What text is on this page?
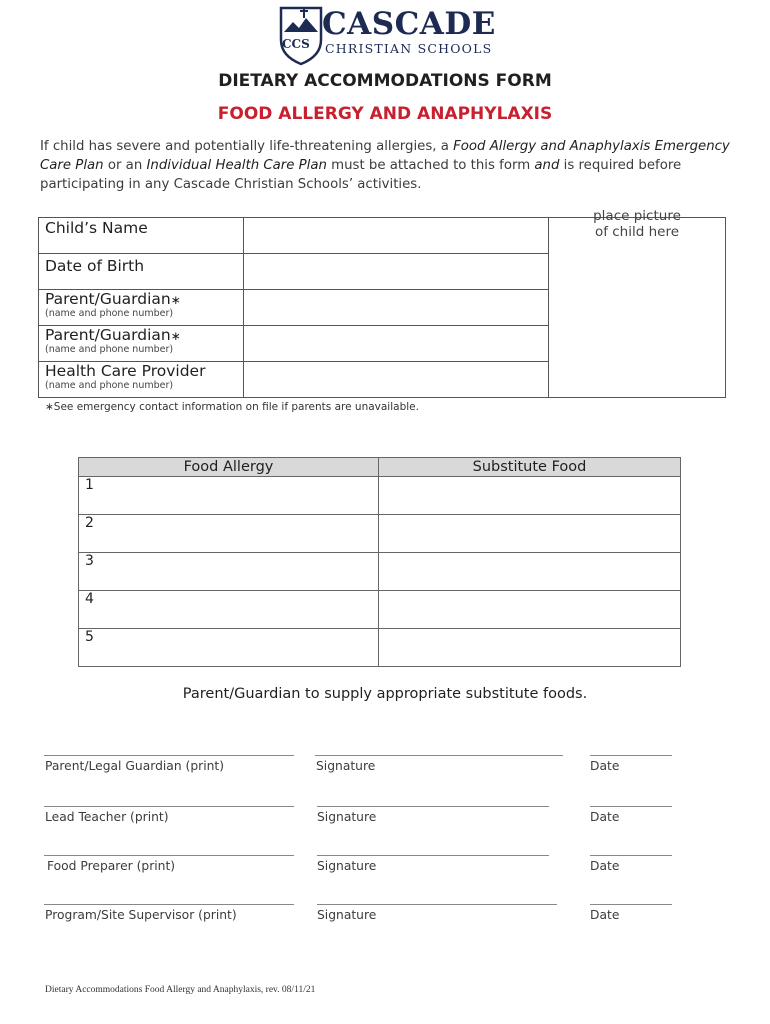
CCS
CASCADE
CHRISTIAN SCHOOLS
DIETARY ACCOMMODATIONS FORM
FOOD ALLERGY AND ANAPHYLAXIS
If child has severe and potentially life-threatening allergies, a Food Allergy and Anaphylaxis Emergency Care Plan or an Individual Health Care Plan must be attached to this form and is required before participating in any Cascade Christian Schools’ activities.
Child’s Name		place picture
of child here

Date of Birth		

Parent/Guardian∗
(name and phone number)		

Parent/Guardian∗
(name and phone number)		

Health Care Provider
(name and phone number)		

∗See emergency contact information on file if parents are unavailable.
Food Allergy	Substitute Food
1	
2	
3	
4	
5	
Parent/Guardian to supply appropriate substitute foods.
Parent/Legal Guardian (print)	Signature	Date
Lead Teacher (print)	Signature	Date
Food Preparer (print)	Signature	Date
Program/Site Supervisor (print)	Signature	Date
Dietary Accommodations Food Allergy and Anaphylaxis, rev. 08/11/21
